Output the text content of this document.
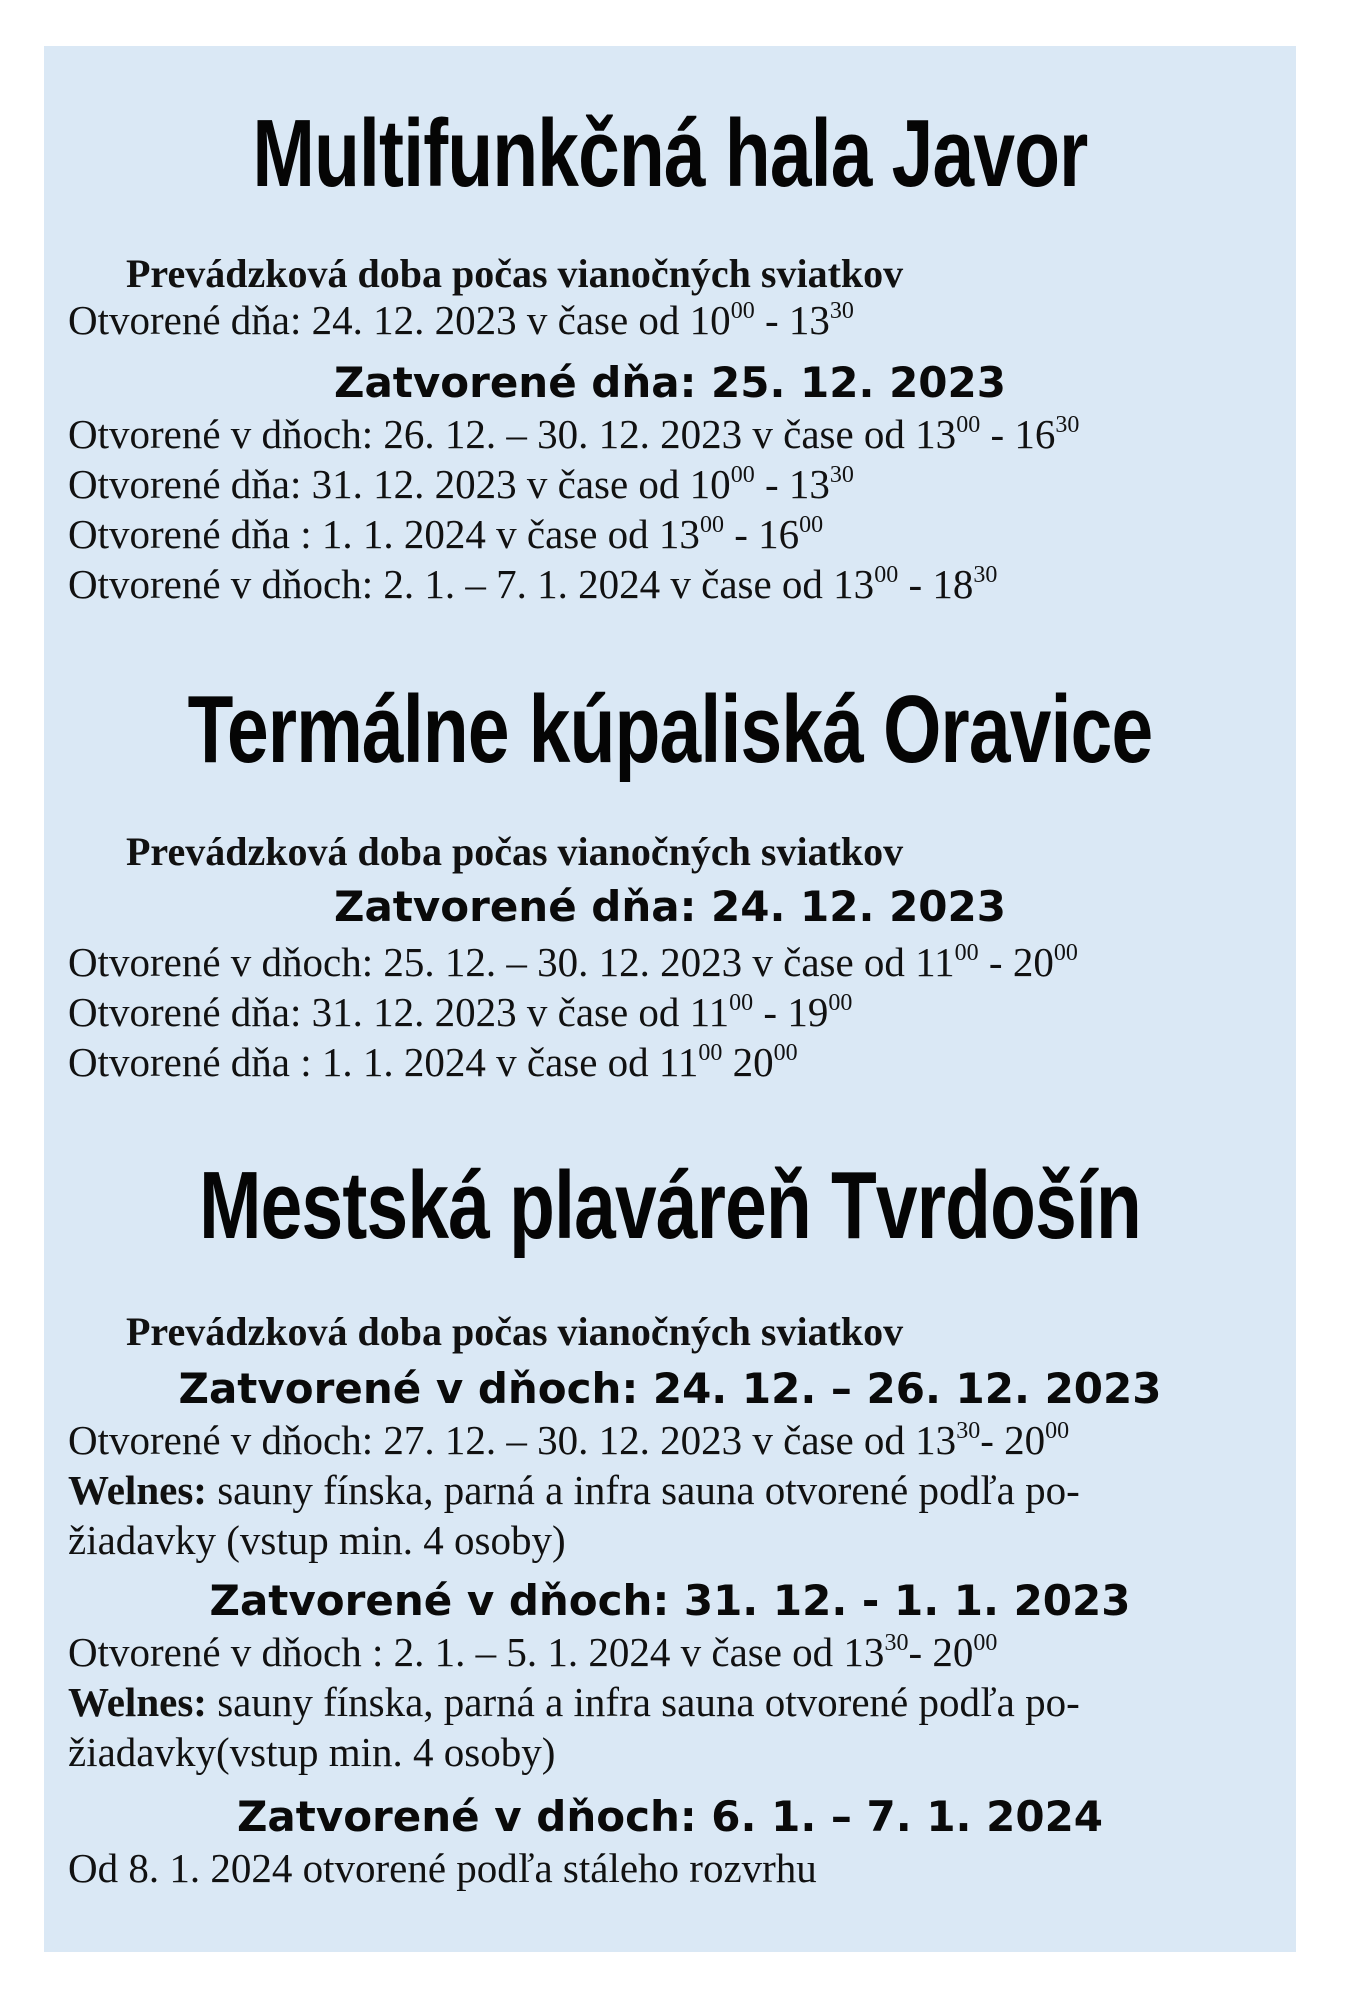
Multifunkčná hala Javor
Prevádzková doba počas vianočných sviatkov
Otvorené dňa: 24. 12. 2023 v čase od $10^{00} - 13^{30}$
Zatvorené dňa: 25. 12. 2023
Otvorené v dňoch: 26. 12. – 30. 12. 2023 v čase od $13^{00} - 16^{30}$
Otvorené dňa: 31. 12. 2023 v čase od $10^{00} - 13^{30}$
Otvorené dňa : 1. 1. 2024 v čase od $13^{00} - 16^{00}$
Otvorené v dňoch: 2. 1. – 7. 1. 2024 v čase od $13^{00} - 18^{30}$
Termálne kúpaliská Oravice
Prevádzková doba počas vianočných sviatkov
Zatvorené dňa: 24. 12. 2023
Otvorené v dňoch: 25. 12. – 30. 12. 2023 v čase od $11^{00} - 20^{00}$
Otvorené dňa: 31. 12. 2023 v čase od $11^{00} - 19^{00}$
Otvorené dňa : 1. 1. 2024 v čase od $11^{00}$ $20^{00}$
Mestská plaváreň Tvrdošín
Prevádzková doba počas vianočných sviatkov
Zatvorené v dňoch: 24. 12. – 26. 12. 2023
Otvorené v dňoch: 27. 12. – 30. 12. 2023 v čase od $13^{30}-$ $20^{00}$
Welnes: sauny fínska, parná a infra sauna otvorené podľa po-
žiadavky (vstup min. 4 osoby)
Zatvorené v dňoch: 31. 12. - 1. 1. 2023
Otvorené v dňoch : 2. 1. – 5. 1. 2024 v čase od $13^{30}-$ $20^{00}$
Welnes: sauny fínska, parná a infra sauna otvorené podľa po-
žiadavky(vstup min. 4 osoby)
Zatvorené v dňoch: 6. 1. – 7. 1. 2024
Od 8. 1. 2024 otvorené podľa stáleho rozvrhu
